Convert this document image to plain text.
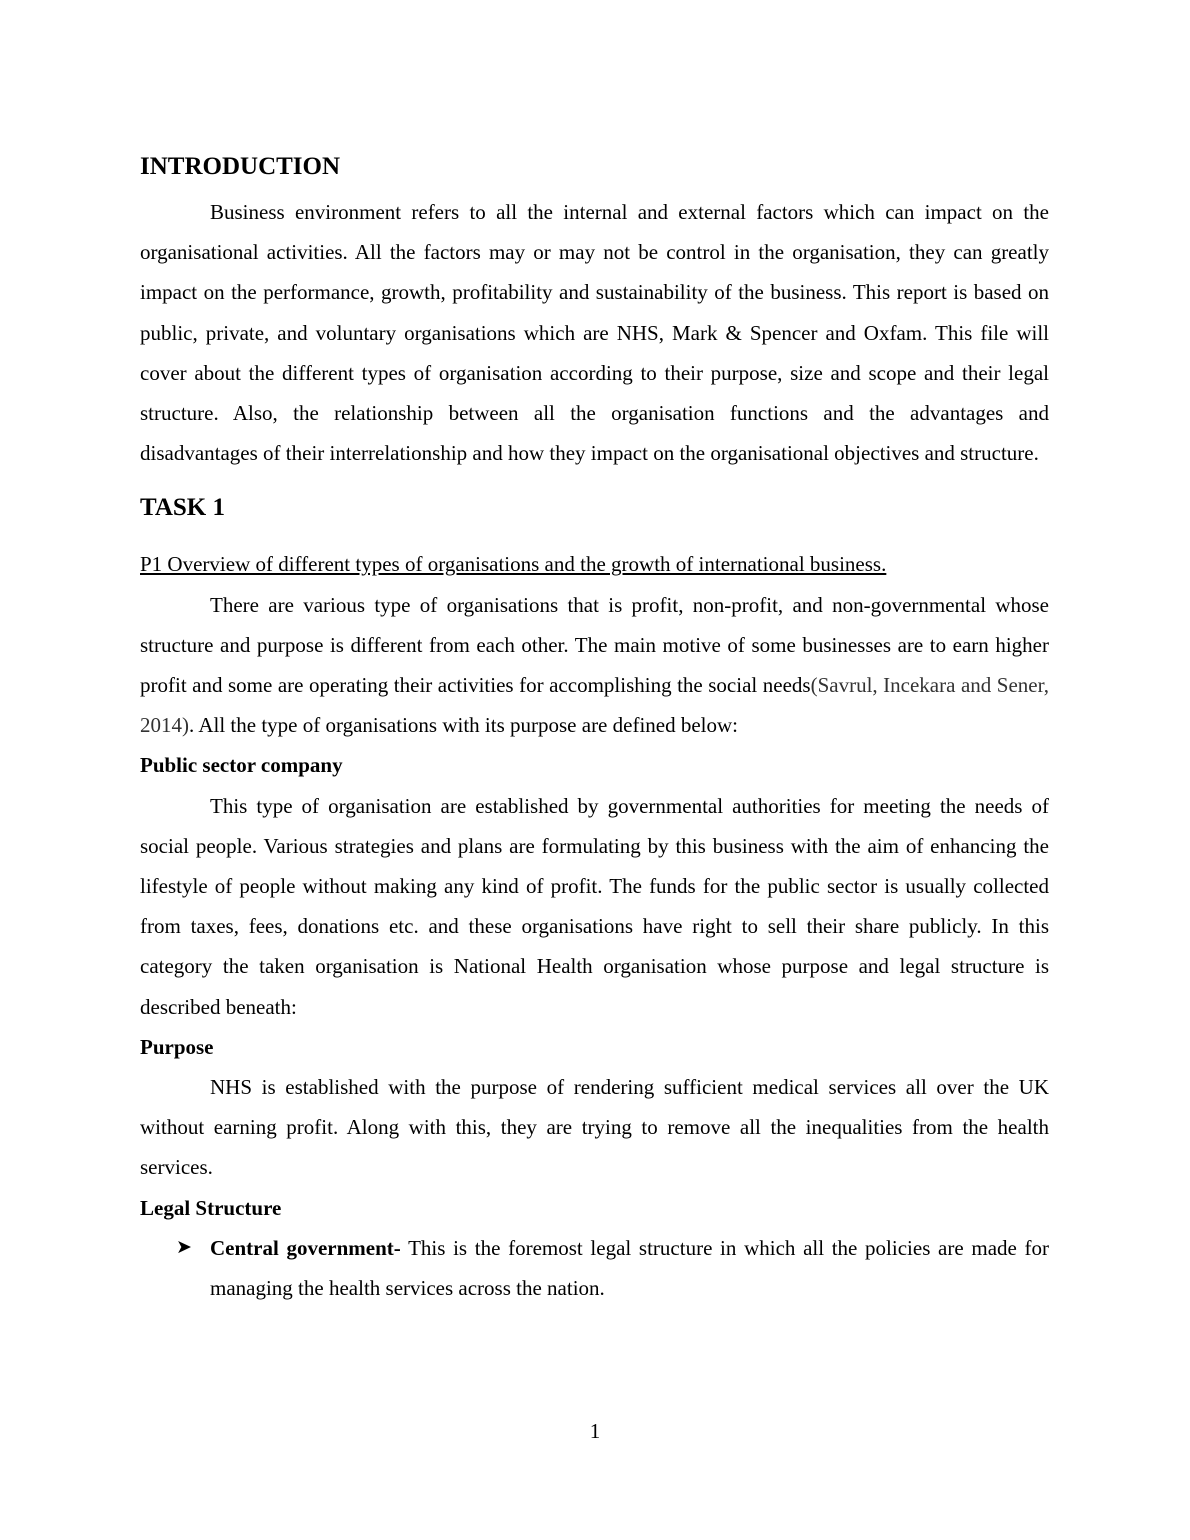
INTRODUCTION

Business environment refers to all the internal and external factors which can impact on the organisational activities. All the factors may or may not be control in the organisation, they can greatly impact on the performance, growth, profitability and sustainability of the business. This report is based on public, private, and voluntary organisations which are NHS, Mark & Spencer and Oxfam. This file will cover about the different types of organisation according to their purpose, size and scope and their legal structure. Also, the relationship between all the organisation functions and the advantages and disadvantages of their interrelationship and how they impact on the organisational objectives and structure.

TASK 1
P1 Overview of different types of organisations and the growth of international business.

There are various type of organisations that is profit, non-profit, and non-governmental whose structure and purpose is different from each other. The main motive of some businesses are to earn higher profit and some are operating their activities for accomplishing the social needs(Savrul, Incekara and Sener, 2014). All the type of organisations with its purpose are defined below:

Public sector company

This type of organisation are established by governmental authorities for meeting the needs of social people. Various strategies and plans are formulating by this business with the aim of enhancing the lifestyle of people without making any kind of profit. The funds for the public sector is usually collected from taxes, fees, donations etc. and these organisations have right to sell their share publicly. In this category the taken organisation is National Health organisation whose purpose and legal structure is described beneath:

Purpose

NHS is established with the purpose of rendering sufficient medical services all over the UK without earning profit. Along with this, they are trying to remove all the inequalities from the health services.

Legal Structure
➤ Central government- This is the foremost legal structure in which all the policies are made for managing the health services across the nation.
1
